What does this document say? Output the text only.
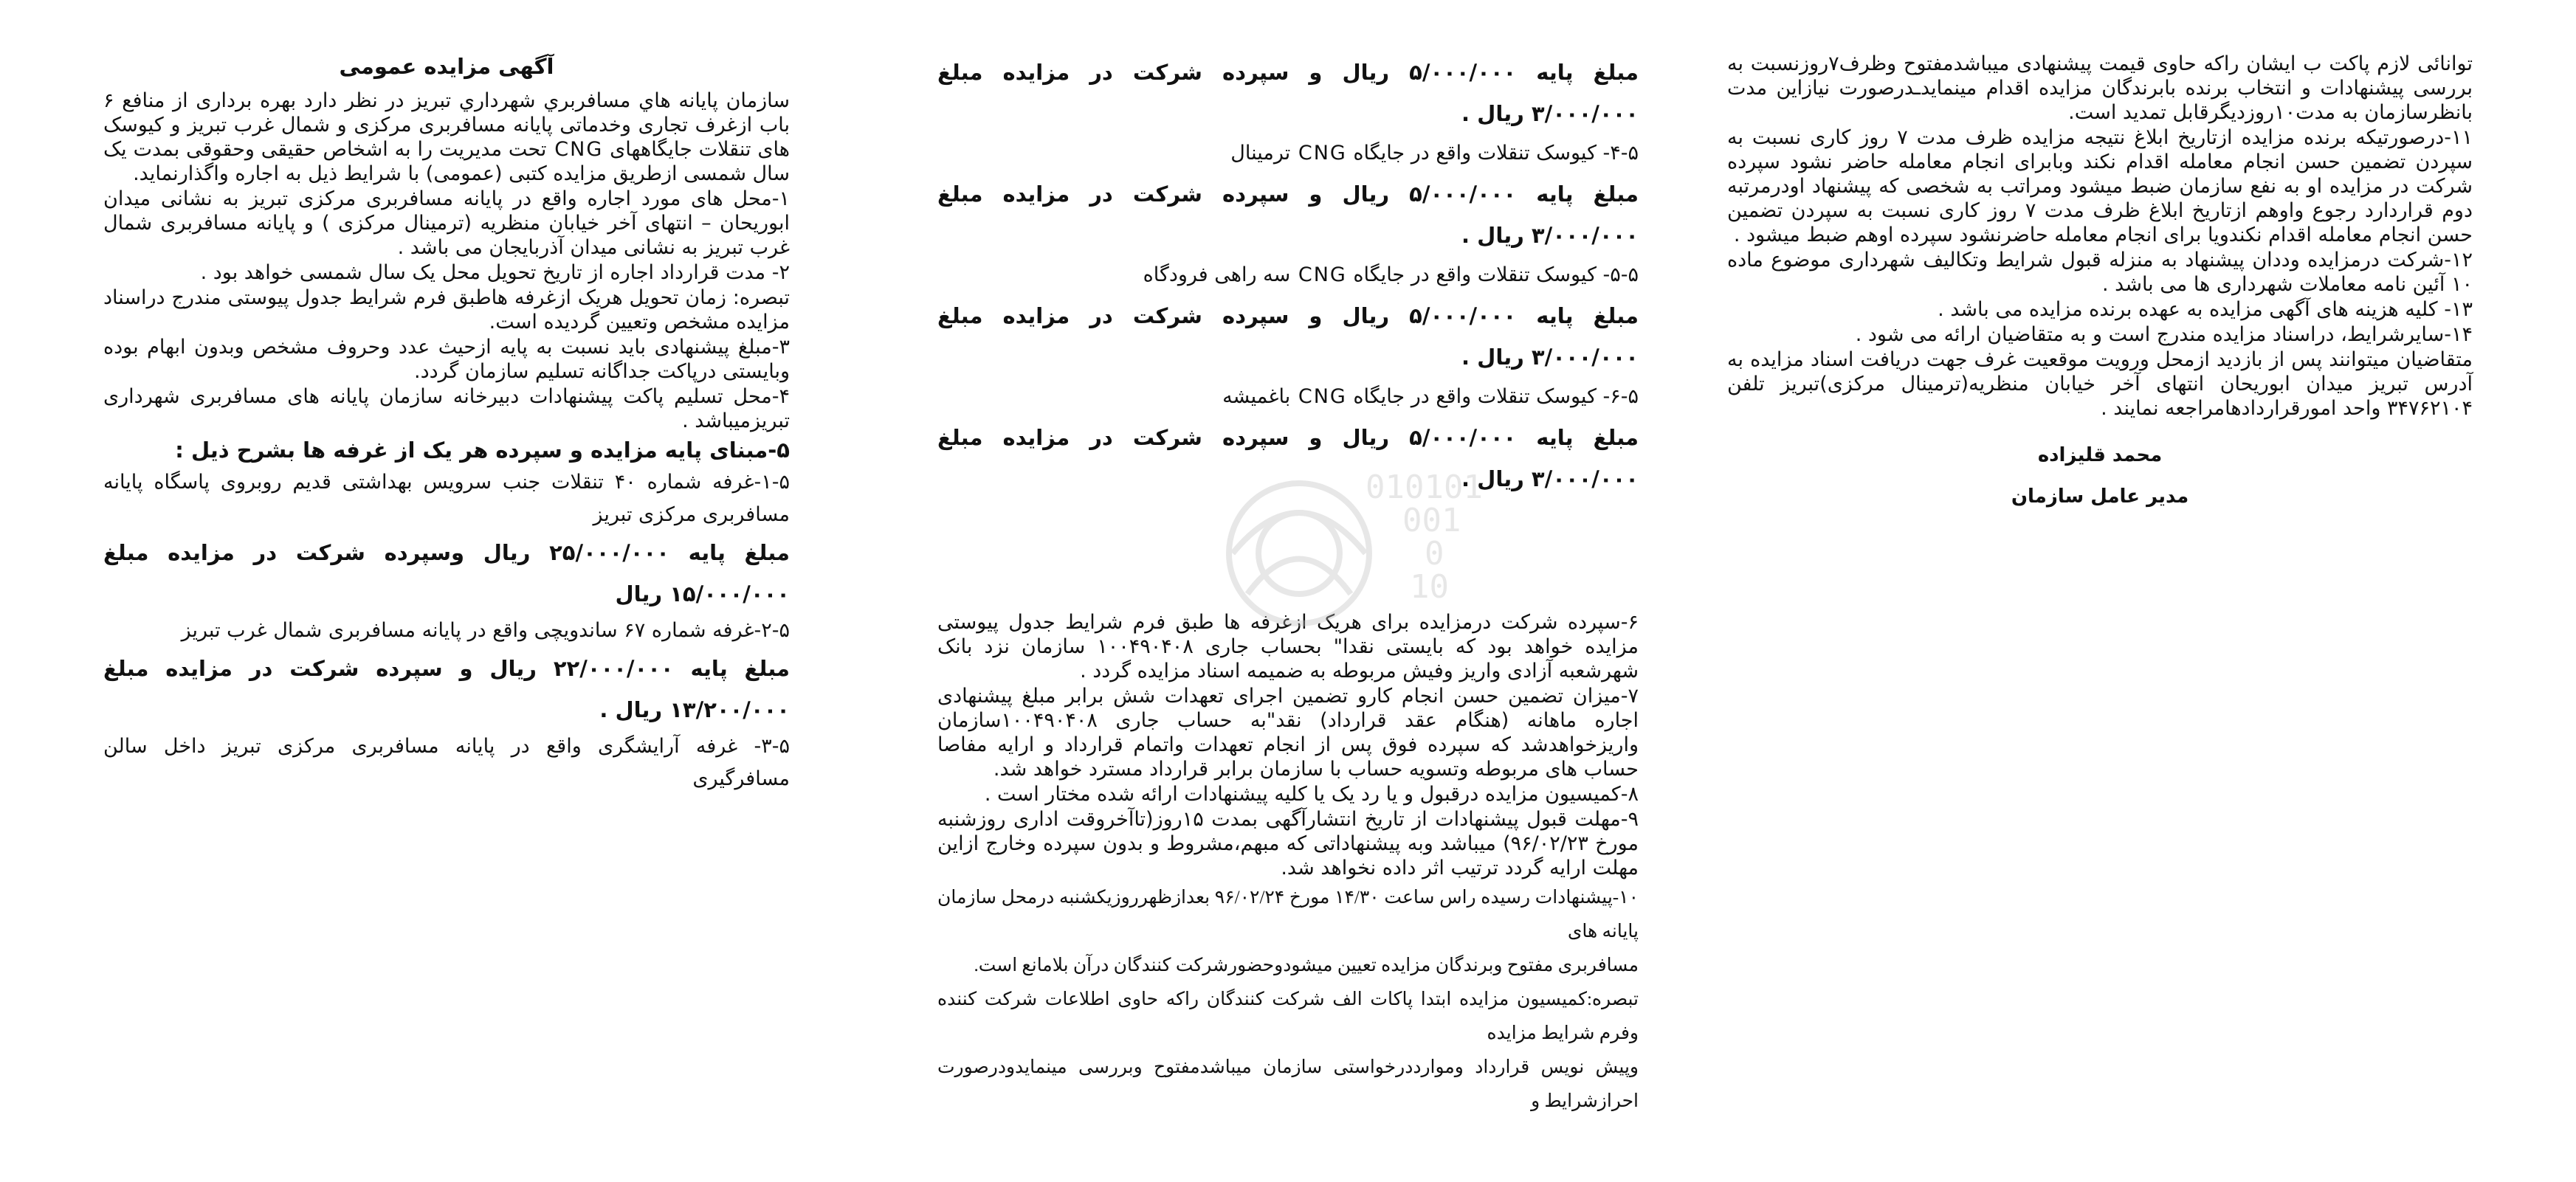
توانائی لازم پاکت ب ایشان راکه حاوی قیمت پیشنهادی میباشدمفتوح وظرف۷روزنسبت به بررسی پیشنهادات و انتخاب برنده بابرندگان مزایده اقدام مینمایدـدرصورت نیازاین مدت بانظرسازمان به مدت۱۰روزدیگرقابل تمدید است.

۱۱-درصورتیکه برنده مزایده ازتاریخ ابلاغ نتیجه مزایده ظرف مدت ۷ روز کاری نسبت به سپردن تضمین حسن انجام معامله اقدام نکند وبابرای انجام معامله حاضر نشود سپرده شرکت در مزایده او به نفع سازمان ضبط میشود ومراتب به شخصی که پیشنهاد اودرمرتبه دوم قراردارد رجوع واوهم ازتاریخ ابلاغ ظرف مدت ۷ روز کاری نسبت به سپردن تضمین حسن انجام معامله اقدام نکندویا برای انجام معامله حاضرنشود سپرده اوهم ضبط میشود .

۱۲-شرکت درمزایده وددان پیشنهاد به منزله قبول شرایط وتکالیف شهرداری موضوع ماده ۱۰ آئین نامه معاملات شهرداری ها می باشد .

۱۳- کلیه هزینه های آگهی مزایده به عهده برنده مزایده می باشد .

۱۴-سایرشرایط، دراسناد مزایده مندرج است و به متقاضیان ارائه می شود .

متقاضیان میتوانند پس از بازدید ازمحل ورویت موقعیت غرف جهت دریافت اسناد مزایده به آدرس تبریز میدان ابوریحان انتهای آخر خیابان منظریه(ترمینال مرکزی)تبریز تلفن ۳۴۷۶۲۱۰۴ واحد امورقراردادهامراجعه نمایند .

محمد قلیزاده

مدیر عامل سازمان

مبلغ پایه ۵/۰۰۰/۰۰۰ ریال و سپرده شرکت در مزایده مبلغ ۳/۰۰۰/۰۰۰ ریال .

۴-۵- کیوسک تنقلات واقع در جایگاه CNG ترمینال

مبلغ پایه ۵/۰۰۰/۰۰۰ ریال و سپرده شرکت در مزایده مبلغ ۳/۰۰۰/۰۰۰ ریال .

۵-۵- کیوسک تنقلات واقع در جایگاه CNG سه راهی فرودگاه

مبلغ پایه ۵/۰۰۰/۰۰۰ ریال و سپرده شرکت در مزایده مبلغ ۳/۰۰۰/۰۰۰ ریال .

۶-۵- کیوسک تنقلات واقع در جایگاه CNG باغمیشه

مبلغ پایه ۵/۰۰۰/۰۰۰ ریال و سپرده شرکت در مزایده مبلغ ۳/۰۰۰/۰۰۰ ریال .

۶-سپرده شرکت درمزایده برای هریک ازغرفه ها طبق فرم شرایط جدول پیوستی مزایده خواهد بود که بایستی نقدا" بحساب جاری ۱۰۰۴۹۰۴۰۸ سازمان نزد بانک شهرشعبه آزادی واریز وفیش مربوطه به ضمیمه اسناد مزایده گردد .

۷-میزان تضمین حسن انجام کارو تضمین اجرای تعهدات شش برابر مبلغ پیشنهادی اجاره ماهانه (هنگام عقد قرارداد) نقد"به حساب جاری ۱۰۰۴۹۰۴۰۸سازمان واریزخواهدشد که سپرده فوق پس از انجام تعهدات واتمام قرارداد و ارایه مفاصا حساب های مربوطه وتسویه حساب با سازمان برابر قرارداد مسترد خواهد شد.

۸-کمیسیون مزایده درقبول و یا رد یک یا کلیه پیشنهادات ارائه شده مختار است .

۹-مهلت قبول پیشنهادات از تاریخ انتشارآگهی بمدت ۱۵روز(تاآخروقت اداری روزشنبه مورخ ۹۶/۰۲/۲۳) میباشد وبه پیشنهاداتی که مبهم،مشروط و بدون سپرده وخارج ازاین مهلت ارایه گردد ترتیب اثر داده نخواهد شد.

۱۰-پیشنهادات رسیده راس ساعت ۱۴/۳۰ مورخ ۹۶/۰۲/۲۴ بعدازظهرروزیکشنبه درمحل سازمان پایانه های

مسافربری مفتوح وبرندگان مزایده تعیین میشودوحضورشرکت کنندگان درآن بلامانع است.

تبصره:کمیسیون مزایده ابتدا پاکات الف شرکت کنندگان راکه حاوی اطلاعات شرکت کننده وفرم شرایط مزایده

وپیش نویس قرارداد وموارددرخواستی سازمان میباشدمفتوح وبررسی مینمایدودرصورت احرازشرایط و

آگهی مزایده عمومی

سازمان پایانه هاي مسافربري شهرداري تبريز در نظر دارد بهره برداری از منافع ۶ باب ازغرف تجاری وخدماتی پایانه مسافربری مرکزی و شمال غرب تبریز و کیوسک های تنقلات جایگاههای CNG تحت مدیریت را به اشخاص حقیقی وحقوقی بمدت یک سال شمسی ازطریق مزایده کتبی (عمومی) با شرایط ذیل به اجاره واگذارنماید.

۱-محل های مورد اجاره واقع در پایانه مسافربری مرکزی تبریز به نشانی میدان ابوریحان – انتهای آخر خیابان منظریه (ترمینال مرکزی ) و پایانه مسافربری شمال غرب تبریز به نشانی میدان آذربایجان می باشد .

۲- مدت قرارداد اجاره از تاریخ تحویل محل یک سال شمسی خواهد بود .

تبصره: زمان تحویل هریک ازغرفه هاطبق فرم شرایط جدول پیوستی مندرج دراسناد مزایده مشخص وتعیین گردیده است.

۳-مبلغ پیشنهادی باید نسبت به پایه ازحیث عدد وحروف مشخص وبدون ابهام بوده وبایستی درپاکت جداگانه تسلیم سازمان گردد.

۴-محل تسلیم پاکت پیشنهادات دبیرخانه سازمان پایانه های مسافربری شهرداری تبریزمیباشد .

۵-مبنای پایه مزایده و سپرده هر یک از غرفه ها بشرح ذیل :

۱-۵-غرفه شماره ۴۰ تنقلات جنب سرویس بهداشتی قدیم روبروی پاسگاه پایانه مسافربری مرکزی تبریز

مبلغ پایه ۲۵/۰۰۰/۰۰۰ ریال وسپرده شرکت در مزایده مبلغ ۱۵/۰۰۰/۰۰۰ ریال

۲-۵-غرفه شماره ۶۷ ساندویچی واقع در پایانه مسافربری شمال غرب تبریز

مبلغ پایه ۲۲/۰۰۰/۰۰۰ ریال و سپرده شرکت در مزایده مبلغ ۱۳/۲۰۰/۰۰۰ ریال .

۳-۵- غرفه آرایشگری واقع در پایانه مسافربری مرکزی تبریز داخل سالن مسافرگیری

010101
001
0
10
